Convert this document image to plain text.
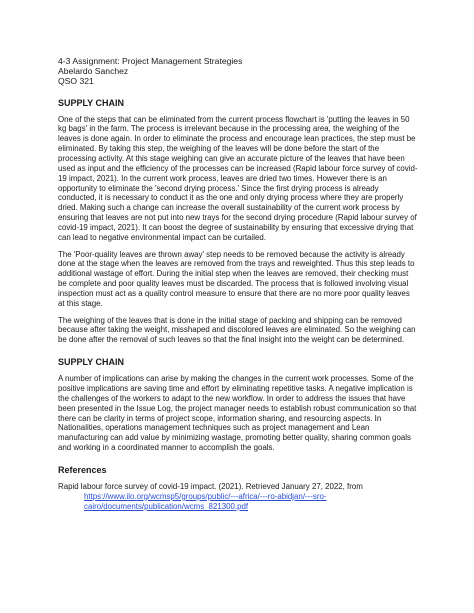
4-3 Assignment: Project Management Strategies

Abelardo Sanchez

QSO 321

SUPPLY CHAIN

One of the steps that can be eliminated from the current process flowchart is 'putting the leaves in 50 kg bags' in the farm. The process is irrelevant because in the processing area, the weighing of the leaves is done again. In order to eliminate the process and encourage lean practices, the step must be eliminated. By taking this step, the weighing of the leaves will be done before the start of the processing activity. At this stage weighing can give an accurate picture of the leaves that have been used as input and the efficiency of the processes can be increased (Rapid labour force survey of covid-19 impact, 2021). In the current work process, leaves are dried two times. However there is an opportunity to eliminate the 'second drying process.' Since the first drying process is already conducted, it is necessary to conduct it as the one and only drying process where they are properly dried. Making such a change can increase the overall sustainability of the current work process by ensuring that leaves are not put into new trays for the second drying procedure (Rapid labour survey of covid-19 impact, 2021). It can boost the degree of sustainability by ensuring that excessive drying that can lead to negative environmental impact can be curtailed.

The 'Poor-quality leaves are thrown away' step needs to be removed because the activity is already done at the stage when the leaves are removed from the trays and reweighted. Thus this step leads to additional wastage of effort. During the initial step when the leaves are removed, their checking must be complete and poor quality leaves must be discarded. The process that is followed involving visual inspection must act as a quality control measure to ensure that there are no more poor quality leaves at this stage.

The weighing of the leaves that is done in the initial stage of packing and shipping can be removed because after taking the weight, misshaped and discolored leaves are eliminated. So the weighing can be done after the removal of such leaves so that the final insight into the weight can be determined.

SUPPLY CHAIN

A number of implications can arise by making the changes in the current work processes. Some of the positive implications are saving time and effort by eliminating repetitive tasks. A negative implication is the challenges of the workers to adapt to the new workflow. In order to address the issues that have been presented in the Issue Log, the project manager needs to establish robust communication so that there can be clarity in terms of project scope, information sharing, and resourcing aspects. In Nationalities, operations management techniques such as project management and Lean manufacturing can add value by minimizing wastage, promoting better quality, sharing common goals and working in a coordinated manner to accomplish the goals.

References

Rapid labour force survey of covid-19 impact. (2021). Retrieved January 27, 2022, from https://www.ilo.org/wcmsp5/groups/public/---africa/---ro-abidjan/---sro-cairo/documents/publication/wcms_821300.pdf
